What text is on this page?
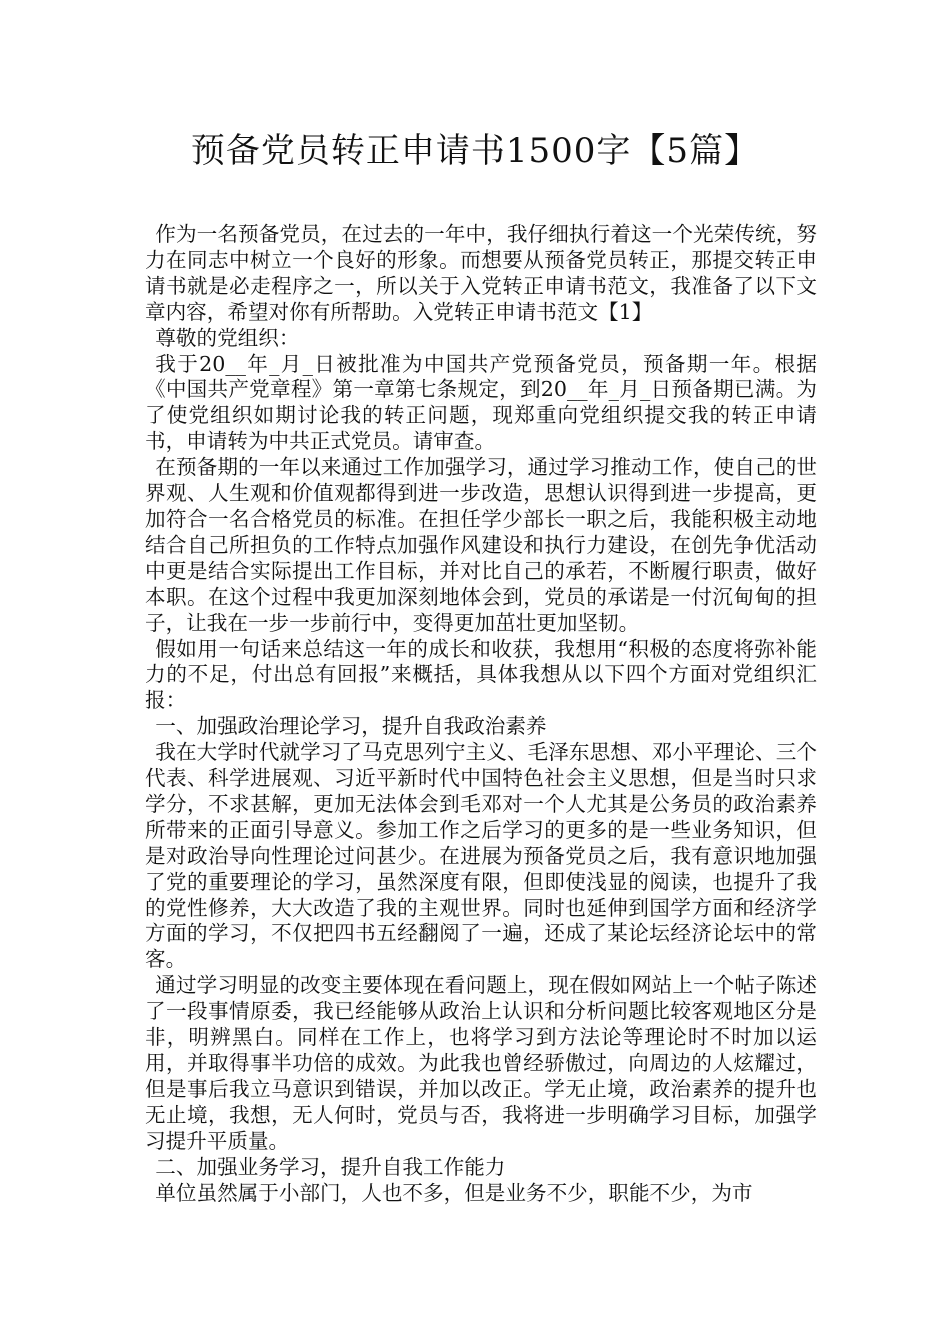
预备党员转正申请书1500字【5篇】

作为一名预备党员，在过去的一年中，我仔细执行着这一个光荣传统，努力在同志中树立一个良好的形象。而想要从预备党员转正，那提交转正申请书就是必走程序之一，所以关于入党转正申请书范文，我准备了以下文章内容，希望对你有所帮助。入党转正申请书范文【1】

尊敬的党组织：

我于20__年_月_日被批准为中国共产党预备党员，预备期一年。根据《中国共产党章程》第一章第七条规定，到20__年_月_日预备期已满。为了使党组织如期讨论我的转正问题，现郑重向党组织提交我的转正申请书，申请转为中共正式党员。请审查。

在预备期的一年以来通过工作加强学习，通过学习推动工作，使自己的世界观、人生观和价值观都得到进一步改造，思想认识得到进一步提高，更加符合一名合格党员的标准。在担任学少部长一职之后，我能积极主动地结合自己所担负的工作特点加强作风建设和执行力建设，在创先争优活动中更是结合实际提出工作目标，并对比自己的承若，不断履行职责，做好本职。在这个过程中我更加深刻地体会到，党员的承诺是一付沉甸甸的担子，让我在一步一步前行中，变得更加茁壮更加坚韧。

假如用一句话来总结这一年的成长和收获，我想用“积极的态度将弥补能力的不足，付出总有回报”来概括，具体我想从以下四个方面对党组织汇报：

一、加强政治理论学习，提升自我政治素养

我在大学时代就学习了马克思列宁主义、毛泽东思想、邓小平理论、三个代表、科学进展观、习近平新时代中国特色社会主义思想，但是当时只求学分，不求甚解，更加无法体会到毛邓对一个人尤其是公务员的政治素养所带来的正面引导意义。参加工作之后学习的更多的是一些业务知识，但是对政治导向性理论过问甚少。在进展为预备党员之后，我有意识地加强了党的重要理论的学习，虽然深度有限，但即使浅显的阅读，也提升了我的党性修养，大大改造了我的主观世界。同时也延伸到国学方面和经济学方面的学习，不仅把四书五经翻阅了一遍，还成了某论坛经济论坛中的常客。

通过学习明显的改变主要体现在看问题上，现在假如网站上一个帖子陈述了一段事情原委，我已经能够从政治上认识和分析问题比较客观地区分是非，明辨黑白。同样在工作上，也将学习到方法论等理论时不时加以运用，并取得事半功倍的成效。为此我也曾经骄傲过，向周边的人炫耀过，但是事后我立马意识到错误，并加以改正。学无止境，政治素养的提升也无止境，我想，无人何时，党员与否，我将进一步明确学习目标，加强学习提升平质量。

二、加强业务学习，提升自我工作能力

单位虽然属于小部门，人也不多，但是业务不少，职能不少，为市
